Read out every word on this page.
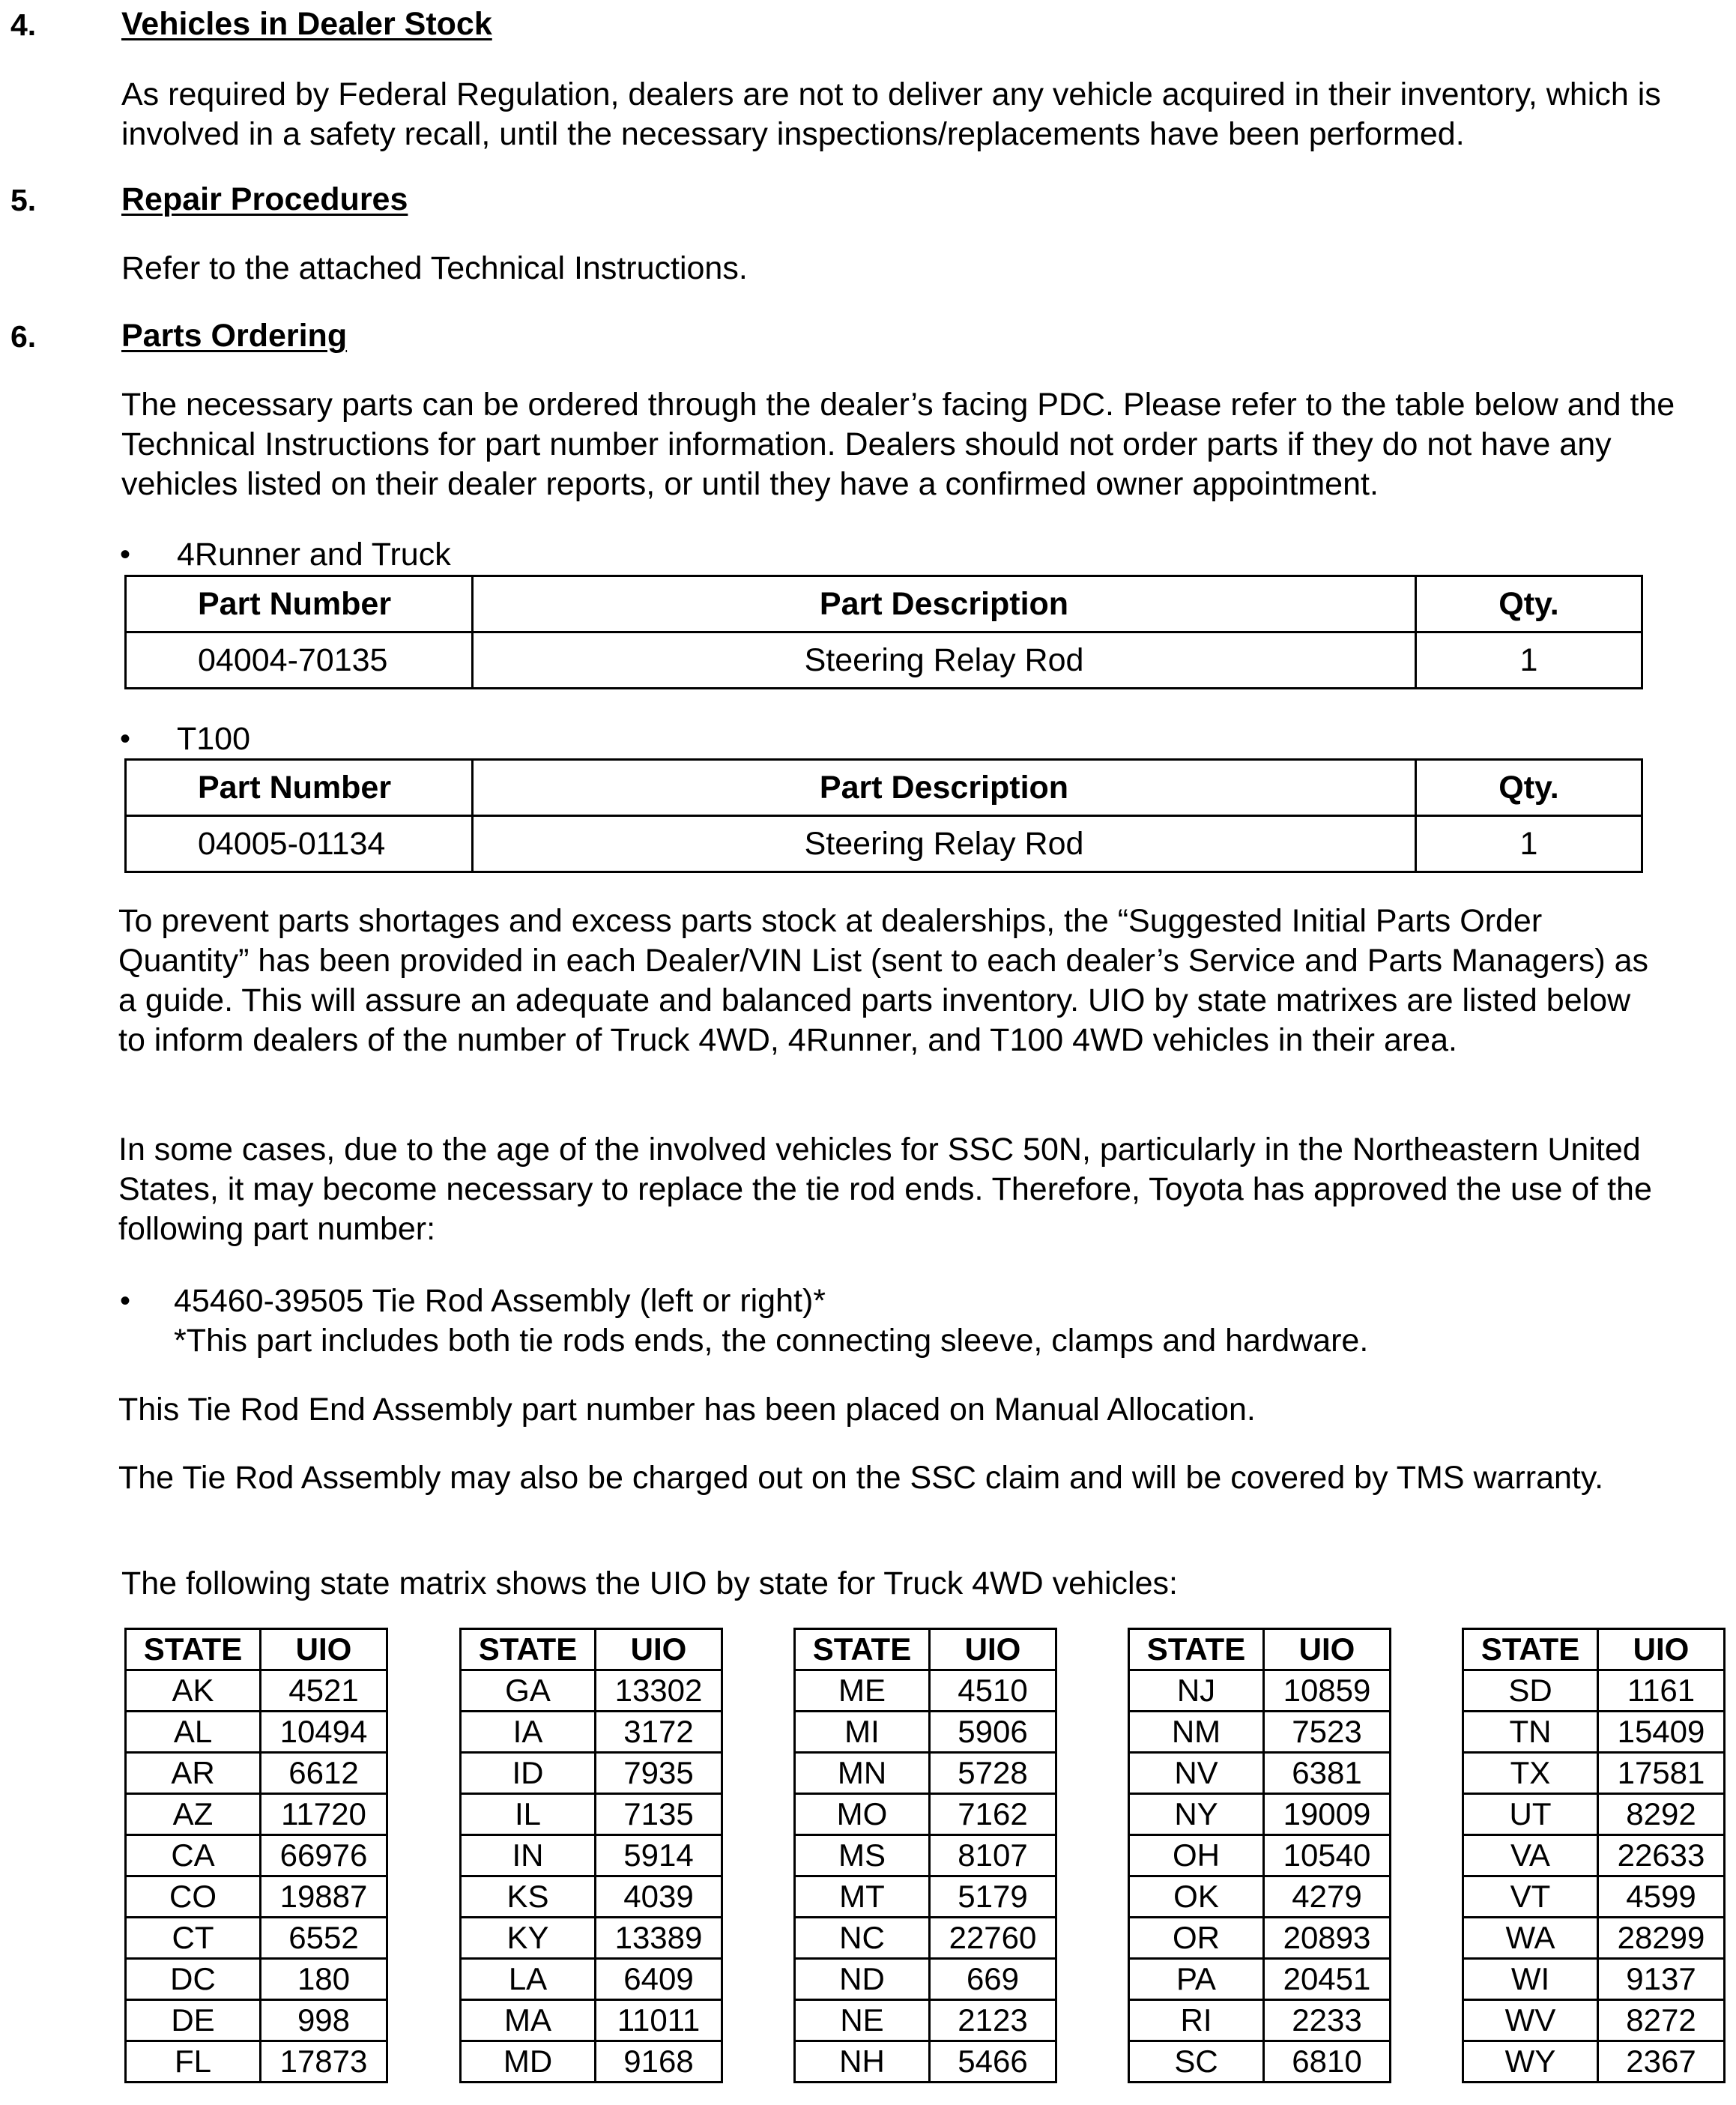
4.	Vehicles in Dealer Stock
As required by Federal Regulation, dealers are not to deliver any vehicle acquired in their inventory, which is involved in a safety recall, until the necessary inspections/replacements have been performed.
5.	Repair Procedures
Refer to the attached Technical Instructions.
6.	Parts Ordering
The necessary parts can be ordered through the dealer’s facing PDC. Please refer to the table below and the Technical Instructions for part number information. Dealers should not order parts if they do not have any vehicles listed on their dealer reports, or until they have a confirmed owner appointment.
• 4Runner and Truck
Part Number	Part Description	Qty.
04004-70135	Steering Relay Rod	1
• T100
Part Number	Part Description	Qty.
04005-01134	Steering Relay Rod	1
To prevent parts shortages and excess parts stock at dealerships, the “Suggested Initial Parts Order Quantity” has been provided in each Dealer/VIN List (sent to each dealer’s Service and Parts Managers) as a guide. This will assure an adequate and balanced parts inventory. UIO by state matrixes are listed below to inform dealers of the number of Truck 4WD, 4Runner, and T100 4WD vehicles in their area.
In some cases, due to the age of the involved vehicles for SSC 50N, particularly in the Northeastern United States, it may become necessary to replace the tie rod ends. Therefore, Toyota has approved the use of the following part number:
• 45460-39505 Tie Rod Assembly (left or right)*
*This part includes both tie rods ends, the connecting sleeve, clamps and hardware.
This Tie Rod End Assembly part number has been placed on Manual Allocation.
The Tie Rod Assembly may also be charged out on the SSC claim and will be covered by TMS warranty.
The following state matrix shows the UIO by state for Truck 4WD vehicles:
STATE	UIO
AK	4521
AL	10494
AR	6612
AZ	11720
CA	66976
CO	19887
CT	6552
DC	180
DE	998
FL	17873
STATE	UIO
GA	13302
IA	3172
ID	7935
IL	7135
IN	5914
KS	4039
KY	13389
LA	6409
MA	11011
MD	9168
STATE	UIO
ME	4510
MI	5906
MN	5728
MO	7162
MS	8107
MT	5179
NC	22760
ND	669
NE	2123
NH	5466
STATE	UIO
NJ	10859
NM	7523
NV	6381
NY	19009
OH	10540
OK	4279
OR	20893
PA	20451
RI	2233
SC	6810
STATE	UIO
SD	1161
TN	15409
TX	17581
UT	8292
VA	22633
VT	4599
WA	28299
WI	9137
WV	8272
WY	2367
